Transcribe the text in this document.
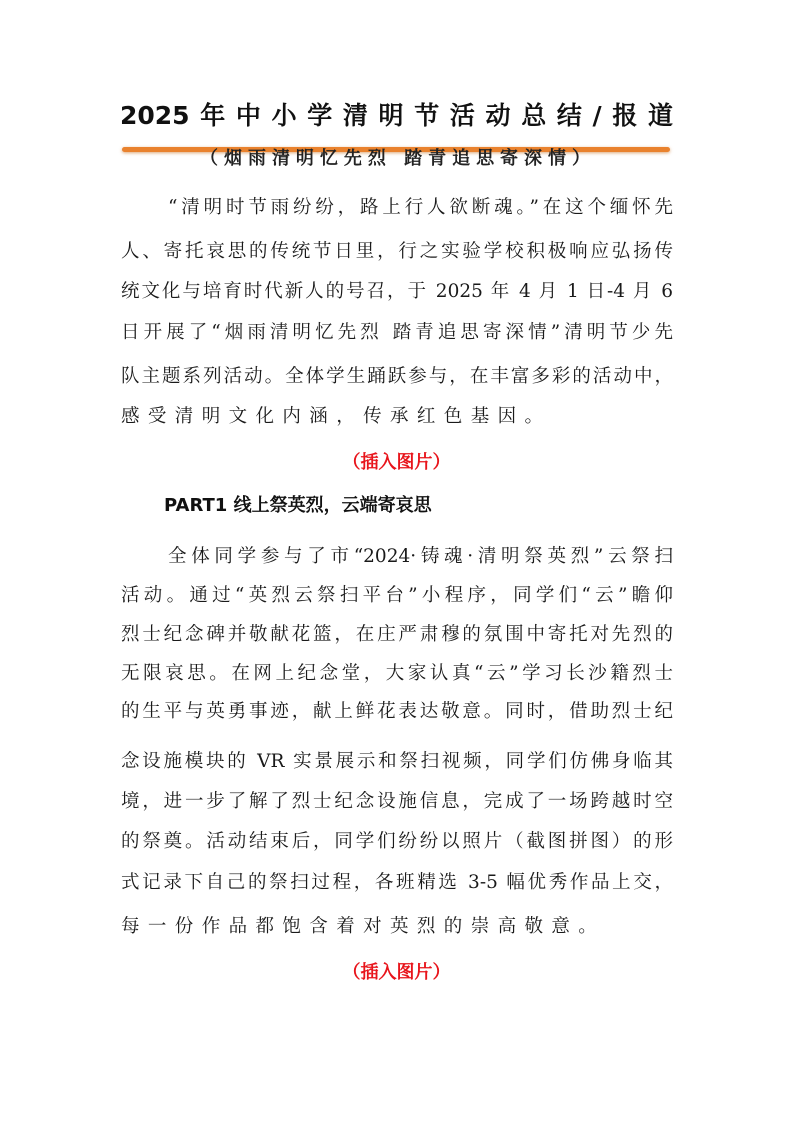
2025年中小学清明节活动总结/报道
（烟雨清明忆先烈 踏青追思寄深情）
“清明时节雨纷纷，路上行人欲断魂。”在这个缅怀先
人、寄托哀思的传统节日里，行之实验学校积极响应弘扬传
统文化与培育时代新人的号召，于 2025 年 4 月 1 日-4 月 6
日开展了“烟雨清明忆先烈 踏青追思寄深情”清明节少先
队主题系列活动。全体学生踊跃参与，在丰富多彩的活动中，
感受清明文化内涵，传承红色基因。
（插入图片）
PART1 线上祭英烈，云端寄哀思
全体同学参与了市“2024·铸魂·清明祭英烈”云祭扫
活动。通过“英烈云祭扫平台”小程序，同学们“云”瞻仰
烈士纪念碑并敬献花篮，在庄严肃穆的氛围中寄托对先烈的
无限哀思。在网上纪念堂，大家认真“云”学习长沙籍烈士
的生平与英勇事迹，献上鲜花表达敬意。同时，借助烈士纪
念设施模块的 VR 实景展示和祭扫视频，同学们仿佛身临其
境，进一步了解了烈士纪念设施信息，完成了一场跨越时空
的祭奠。活动结束后，同学们纷纷以照片（截图拼图）的形
式记录下自己的祭扫过程，各班精选 3-5 幅优秀作品上交，
每一份作品都饱含着对英烈的崇高敬意。
（插入图片）
